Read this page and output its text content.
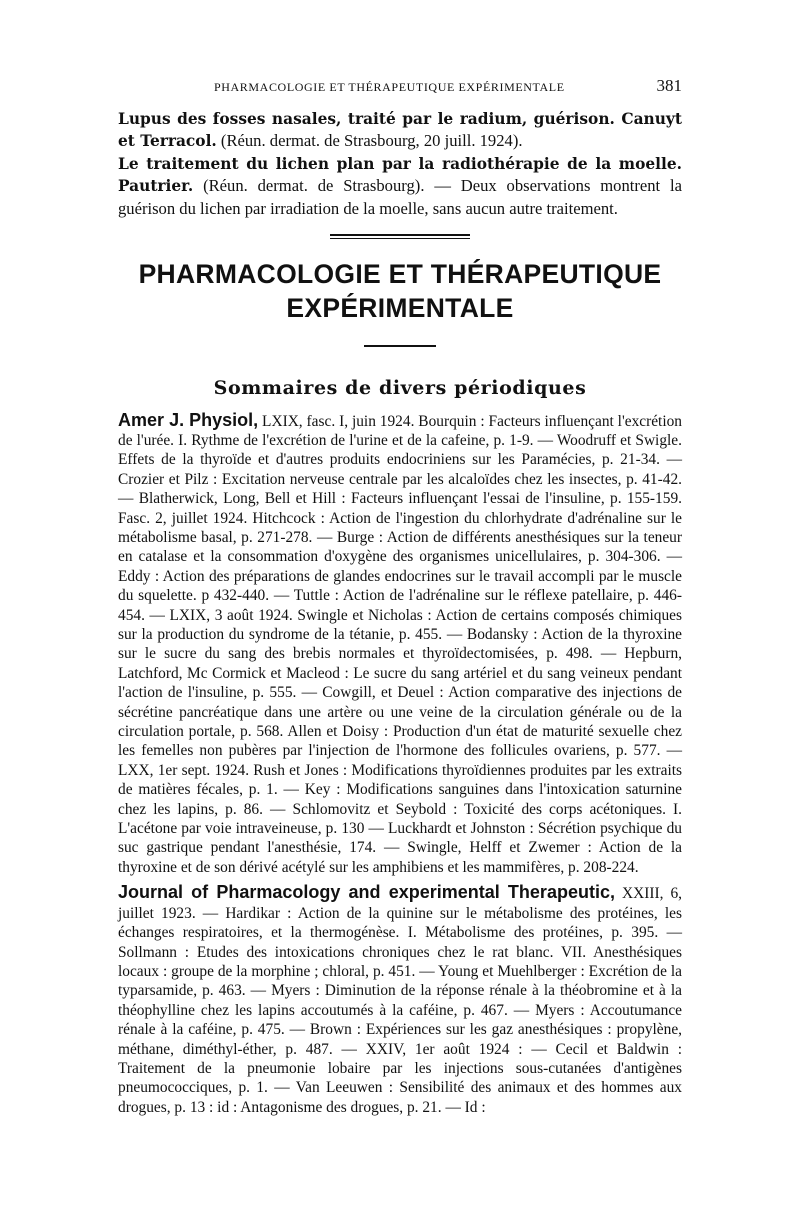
PHARMACOLOGIE ET THÉRAPEUTIQUE EXPÉRIMENTALE	381

Lupus des fosses nasales, traité par le radium, guérison. Canuyt et Terracol. (Réun. dermat. de Strasbourg, 20 juill. 1924).

Le traitement du lichen plan par la radiothérapie de la moelle. Pautrier. (Réun. dermat. de Strasbourg). — Deux observations montrent la guérison du lichen par irradiation de la moelle, sans aucun autre traitement.

PHARMACOLOGIE ET THÉRAPEUTIQUE
EXPÉRIMENTALE
Sommaires de divers périodiques

Amer J. Physiol, LXIX, fasc. I, juin 1924. Bourquin : Facteurs influençant l'excrétion de l'urée. I. Rythme de l'excrétion de l'urine et de la cafeine, p. 1-9. — Woodruff et Swigle. Effets de la thyroïde et d'autres produits endocriniens sur les Paramécies, p. 21-34. — Crozier et Pilz : Excitation nerveuse centrale par les alcaloïdes chez les insectes, p. 41-42. — Blatherwick, Long, Bell et Hill : Facteurs influençant l'essai de l'insuline, p. 155-159. Fasc. 2, juillet 1924. Hitchcock : Action de l'ingestion du chlorhydrate d'adrénaline sur le métabolisme basal, p. 271-278. — Burge : Action de différents anesthésiques sur la teneur en catalase et la consommation d'oxygène des organismes unicellulaires, p. 304-306. — Eddy : Action des préparations de glandes endocrines sur le travail accompli par le muscle du squelette. p 432-440. — Tuttle : Action de l'adrénaline sur le réflexe patellaire, p. 446-454. — LXIX, 3 août 1924. Swingle et Nicholas : Action de certains composés chimiques sur la production du syndrome de la tétanie, p. 455. — Bodansky : Action de la thyroxine sur le sucre du sang des brebis normales et thyroïdectomisées, p. 498. — Hepburn, Latchford, Mc Cormick et Macleod : Le sucre du sang artériel et du sang veineux pendant l'action de l'insuline, p. 555. — Cowgill, et Deuel : Action comparative des injections de sécrétine pancréatique dans une artère ou une veine de la circulation générale ou de la circulation portale, p. 568. Allen et Doisy : Production d'un état de maturité sexuelle chez les femelles non pubères par l'injection de l'hormone des follicules ovariens, p. 577. — LXX, 1er sept. 1924. Rush et Jones : Modifications thyroïdiennes produites par les extraits de matières fécales, p. 1. — Key : Modifications sanguines dans l'intoxication saturnine chez les lapins, p. 86. — Schlomovitz et Seybold : Toxicité des corps acétoniques. I. L'acétone par voie intraveineuse, p. 130 — Luckhardt et Johnston : Sécrétion psychique du suc gastrique pendant l'anesthésie, 174. — Swingle, Helff et Zwemer : Action de la thyroxine et de son dérivé acétylé sur les amphibiens et les mammifères, p. 208-224.

Journal of Pharmacology and experimental Therapeutic, XXIII, 6, juillet 1923. — Hardikar : Action de la quinine sur le métabolisme des protéines, les échanges respiratoires, et la thermogénèse. I. Métabolisme des protéines, p. 395. — Sollmann : Etudes des intoxications chroniques chez le rat blanc. VII. Anesthésiques locaux : groupe de la morphine ; chloral, p. 451. — Young et Muehlberger : Excrétion de la typarsamide, p. 463. — Myers : Diminution de la réponse rénale à la théobromine et à la théophylline chez les lapins accoutumés à la caféine, p. 467. — Myers : Accoutumance rénale à la caféine, p. 475. — Brown : Expériences sur les gaz anesthésiques : propylène, méthane, diméthyl-éther, p. 487. — XXIV, 1er août 1924 : — Cecil et Baldwin : Traitement de la pneumonie lobaire par les injections sous-cutanées d'antigènes pneumococciques, p. 1. — Van Leeuwen : Sensibilité des animaux et des hommes aux drogues, p. 13 : id : Antagonisme des drogues, p. 21. — Id :
